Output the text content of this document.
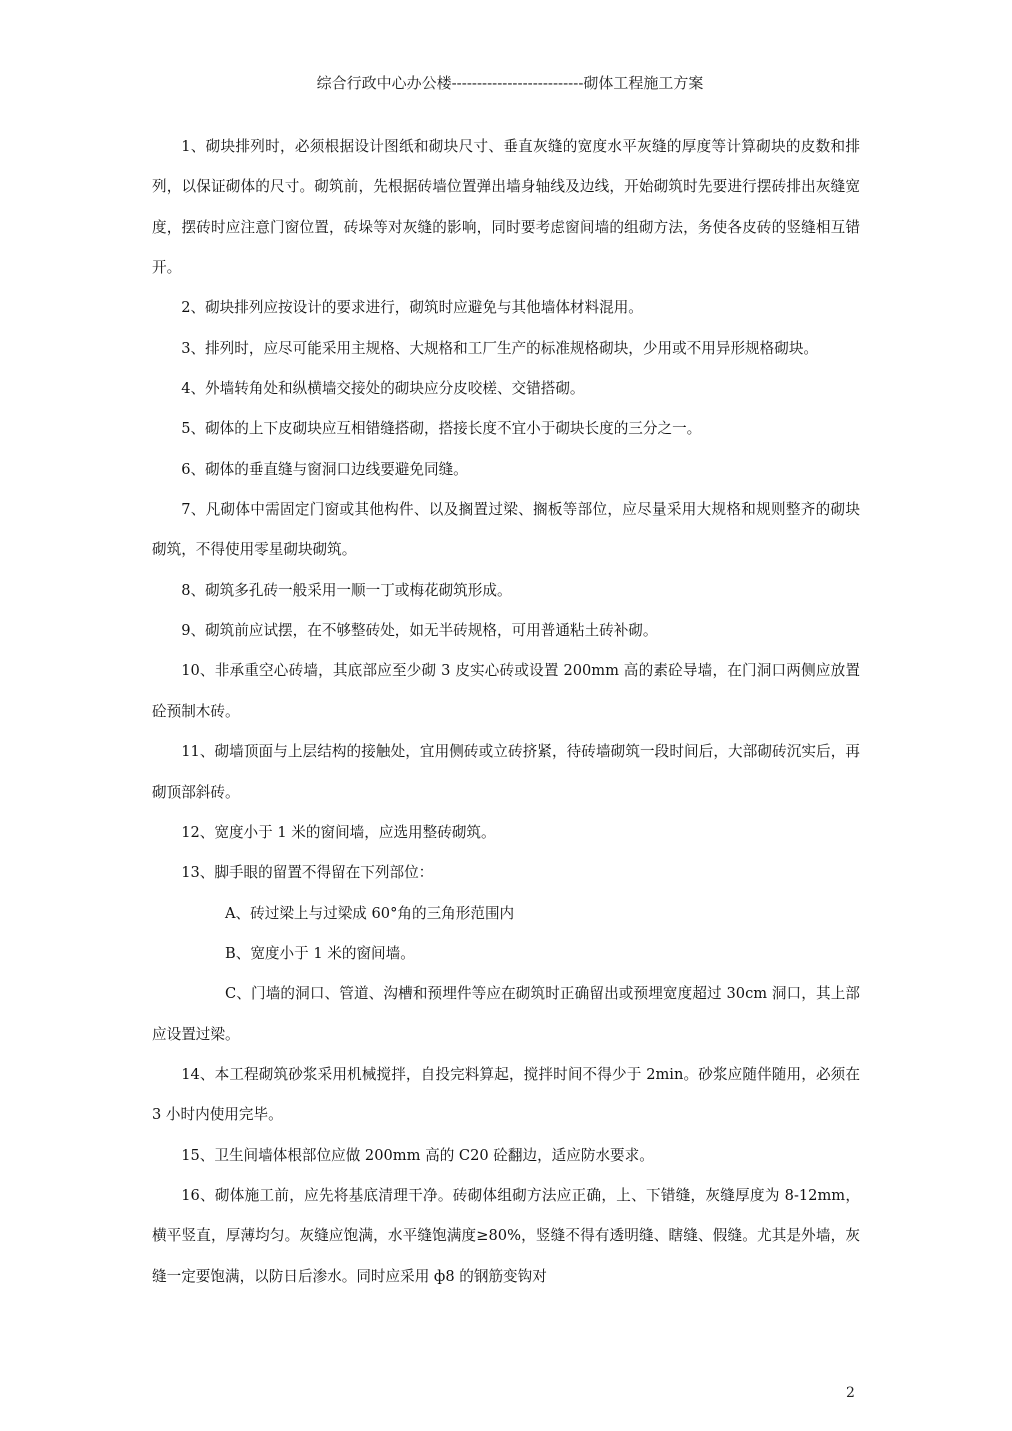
综合行政中心办公楼--------------------------砌体工程施工方案

1、砌块排列时，必须根据设计图纸和砌块尺寸、垂直灰缝的宽度水平灰缝的厚度等计算砌块的皮数和排列，以保证砌体的尺寸。砌筑前，先根据砖墙位置弹出墙身轴线及边线，开始砌筑时先要进行摆砖排出灰缝宽度，摆砖时应注意门窗位置，砖垛等对灰缝的影响，同时要考虑窗间墙的组砌方法，务使各皮砖的竖缝相互错开。

2、砌块排列应按设计的要求进行，砌筑时应避免与其他墙体材料混用。

3、排列时，应尽可能采用主规格、大规格和工厂生产的标准规格砌块，少用或不用异形规格砌块。

4、外墙转角处和纵横墙交接处的砌块应分皮咬槎、交错搭砌。

5、砌体的上下皮砌块应互相错缝搭砌，搭接长度不宜小于砌块长度的三分之一。

6、砌体的垂直缝与窗洞口边线要避免同缝。

7、凡砌体中需固定门窗或其他构件、以及搁置过梁、搁板等部位，应尽量采用大规格和规则整齐的砌块砌筑，不得使用零星砌块砌筑。

8、砌筑多孔砖一般采用一顺一丁或梅花砌筑形成。

9、砌筑前应试摆，在不够整砖处，如无半砖规格，可用普通粘土砖补砌。

10、非承重空心砖墙，其底部应至少砌 3 皮实心砖或设置 200mm 高的素砼导墙，在门洞口两侧应放置砼预制木砖。

11、砌墙顶面与上层结构的接触处，宜用侧砖或立砖挤紧，待砖墙砌筑一段时间后，大部砌砖沉实后，再砌顶部斜砖。

12、宽度小于 1 米的窗间墙，应选用整砖砌筑。

13、脚手眼的留置不得留在下列部位：

A、砖过梁上与过梁成 60°角的三角形范围内

B、宽度小于 1 米的窗间墙。

C、门墙的洞口、管道、沟槽和预埋件等应在砌筑时正确留出或预埋宽度超过 30cm 洞口，其上部应设置过梁。

14、本工程砌筑砂浆采用机械搅拌，自投完料算起，搅拌时间不得少于 2min。砂浆应随伴随用，必须在 3 小时内使用完毕。

15、卫生间墙体根部位应做 200mm 高的 C20 砼翻边，适应防水要求。

16、砌体施工前，应先将基底清理干净。砖砌体组砌方法应正确，上、下错缝，灰缝厚度为 8-12mm，横平竖直，厚薄均匀。灰缝应饱满，水平缝饱满度≥80%，竖缝不得有透明缝、瞎缝、假缝。尤其是外墙，灰缝一定要饱满，以防日后渗水。同时应采用 ф8 的钢筋变钩对

2
